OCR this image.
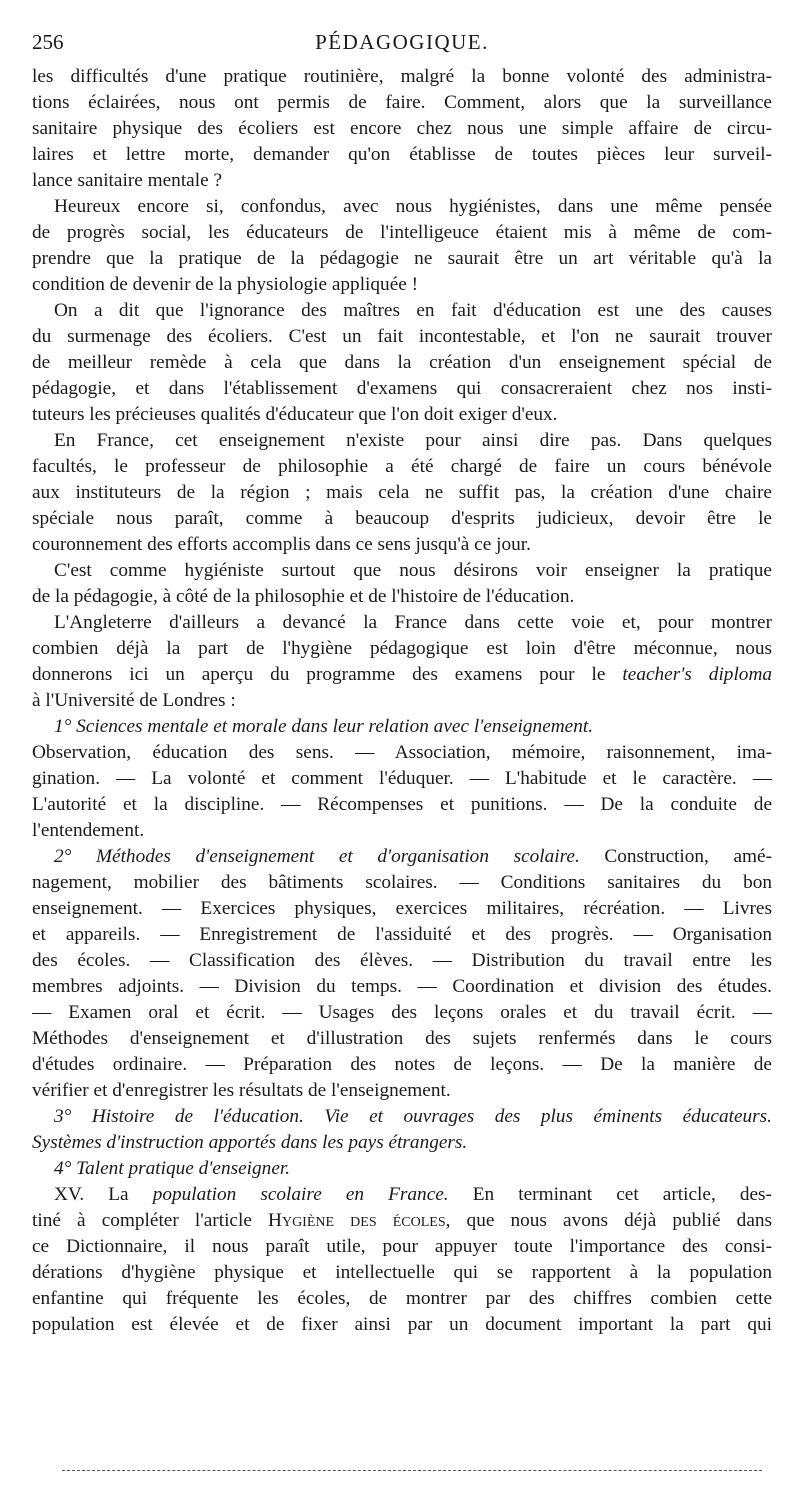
256	PÉDAGOGIQUE.
les difficultés d'une pratique routinière, malgré la bonne volonté des administra-
tions éclairées, nous ont permis de faire. Comment, alors que la surveillance
sanitaire physique des écoliers est encore chez nous une simple affaire de circu-
laires et lettre morte, demander qu'on établisse de toutes pièces leur surveil-
lance sanitaire mentale ?
Heureux encore si, confondus, avec nous hygiénistes, dans une même pensée
de progrès social, les éducateurs de l'intelligeuce étaient mis à même de com-
prendre que la pratique de la pédagogie ne saurait être un art véritable qu'à la
condition de devenir de la physiologie appliquée !
On a dit que l'ignorance des maîtres en fait d'éducation est une des causes
du surmenage des écoliers. C'est un fait incontestable, et l'on ne saurait trouver
de meilleur remède à cela que dans la création d'un enseignement spécial de
pédagogie, et dans l'établissement d'examens qui consacreraient chez nos insti-
tuteurs les précieuses qualités d'éducateur que l'on doit exiger d'eux.
En France, cet enseignement n'existe pour ainsi dire pas. Dans quelques
facultés, le professeur de philosophie a été chargé de faire un cours bénévole
aux instituteurs de la région ; mais cela ne suffit pas, la création d'une chaire
spéciale nous paraît, comme à beaucoup d'esprits judicieux, devoir être le
couronnement des efforts accomplis dans ce sens jusqu'à ce jour.
C'est comme hygiéniste surtout que nous désirons voir enseigner la pratique
de la pédagogie, à côté de la philosophie et de l'histoire de l'éducation.
L'Angleterre d'ailleurs a devancé la France dans cette voie et, pour montrer
combien déjà la part de l'hygiène pédagogique est loin d'être méconnue, nous
donnerons ici un aperçu du programme des examens pour le teacher's diploma
à l'Université de Londres :
1° Sciences mentale et morale dans leur relation avec l'enseignement.
Observation, éducation des sens. — Association, mémoire, raisonnement, ima-
gination. — La volonté et comment l'éduquer. — L'habitude et le caractère. —
L'autorité et la discipline. — Récompenses et punitions. — De la conduite de
l'entendement.
2° Méthodes d'enseignement et d'organisation scolaire. Construction, amé-
nagement, mobilier des bâtiments scolaires. — Conditions sanitaires du bon
enseignement. — Exercices physiques, exercices militaires, récréation. — Livres
et appareils. — Enregistrement de l'assiduité et des progrès. — Organisation
des écoles. — Classification des élèves. — Distribution du travail entre les
membres adjoints. — Division du temps. — Coordination et division des études.
— Examen oral et écrit. — Usages des leçons orales et du travail écrit. —
Méthodes d'enseignement et d'illustration des sujets renfermés dans le cours
d'études ordinaire. — Préparation des notes de leçons. — De la manière de
vérifier et d'enregistrer les résultats de l'enseignement.
3° Histoire de l'éducation. Vie et ouvrages des plus éminents éducateurs.
Systèmes d'instruction apportés dans les pays étrangers.
4° Talent pratique d'enseigner.
XV. La population scolaire en France. En terminant cet article, des-
tiné à compléter l'article Hygiène des écoles, que nous avons déjà publié dans
ce Dictionnaire, il nous paraît utile, pour appuyer toute l'importance des consi-
dérations d'hygiène physique et intellectuelle qui se rapportent à la population
enfantine qui fréquente les écoles, de montrer par des chiffres combien cette
population est élevée et de fixer ainsi par un document important la part qui
